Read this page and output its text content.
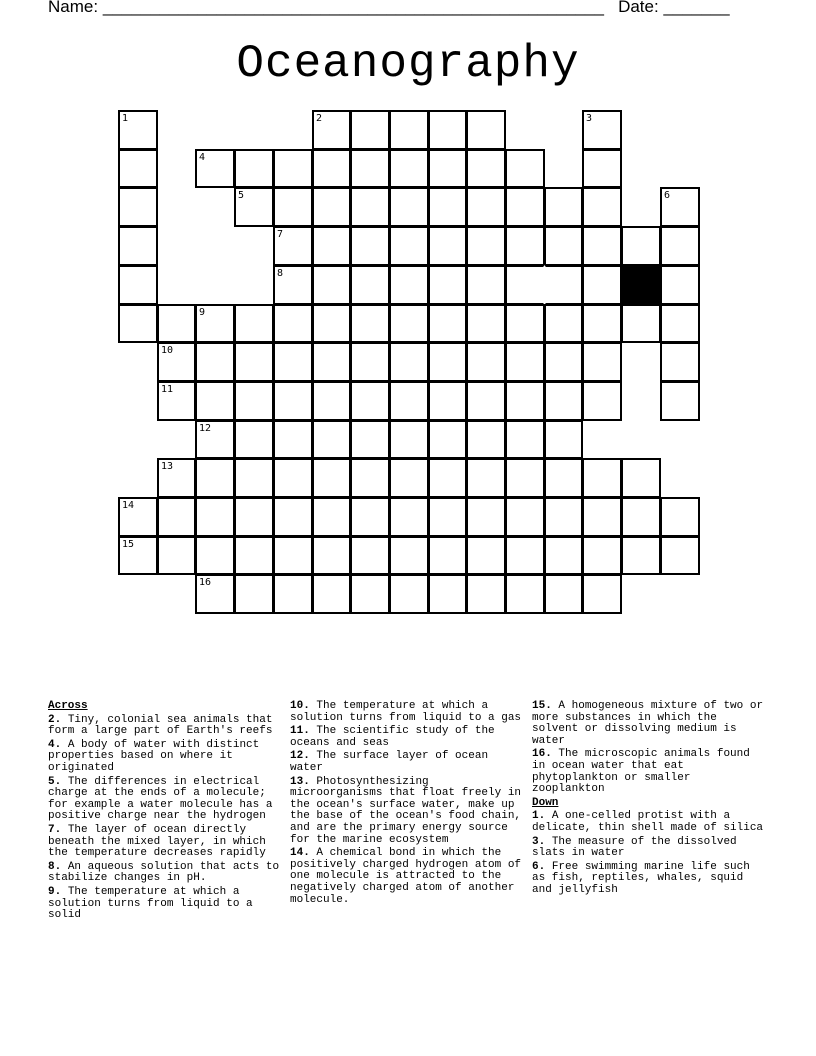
Name: _____________________________________________________ Date: _______
Oceanography
1	2	3
4
5	6
7
8
9
10
11
12
13
14
15
16

Across

2. Tiny, colonial sea animals that form a large part of Earth's reefs

4. A body of water with distinct properties based on where it originated

5. The differences in electrical charge at the ends of a molecule; for example a water molecule has a positive charge near the hydrogen

7. The layer of ocean directly beneath the mixed layer, in which the temperature decreases rapidly

8. An aqueous solution that acts to stabilize changes in pH.

9. The temperature at which a solution turns from liquid to a solid

10. The temperature at which a solution turns from liquid to a gas

11. The scientific study of the oceans and seas

12. The surface layer of ocean water

13. Photosynthesizing microorganisms that float freely in the ocean's surface water, make up the base of the ocean's food chain, and are the primary energy source for the marine ecosystem

14. A chemical bond in which the positively charged hydrogen atom of one molecule is attracted to the negatively charged atom of another molecule.

15. A homogeneous mixture of two or more substances in which the solvent or dissolving medium is water

16. The microscopic animals found in ocean water that eat phytoplankton or smaller zooplankton

Down

1. A one-celled protist with a delicate, thin shell made of silica

3. The measure of the dissolved slats in water

6. Free swimming marine life such as fish, reptiles, whales, squid and jellyfish
